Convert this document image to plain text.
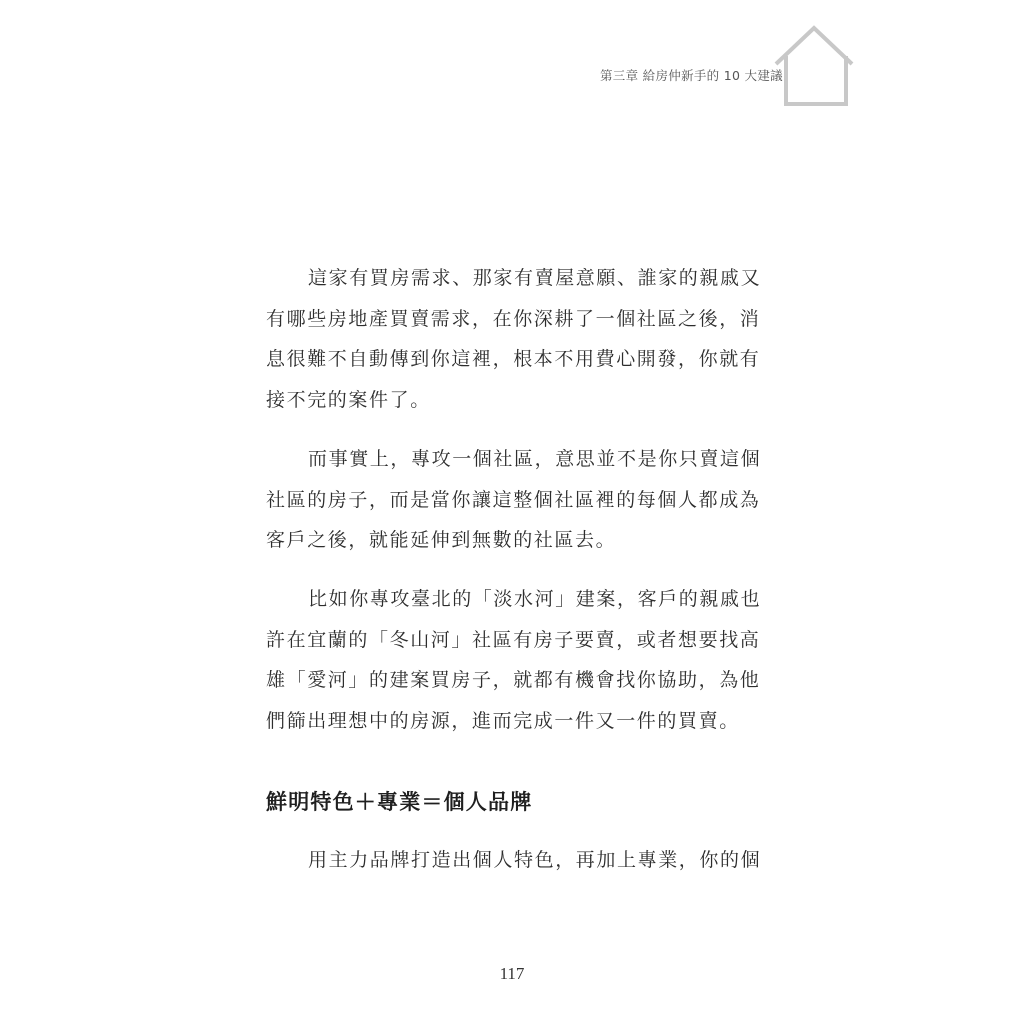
第三章 給房仲新手的 10 大建議

這家有買房需求、那家有賣屋意願、誰家的親戚又
有哪些房地產買賣需求，在你深耕了一個社區之後，消
息很難不自動傳到你這裡，根本不用費心開發，你就有
接不完的案件了。

而事實上，專攻一個社區，意思並不是你只賣這個
社區的房子，而是當你讓這整個社區裡的每個人都成為
客戶之後，就能延伸到無數的社區去。

比如你專攻臺北的「淡水河」建案，客戶的親戚也
許在宜蘭的「冬山河」社區有房子要賣，或者想要找高
雄「愛河」的建案買房子，就都有機會找你協助，為他
們篩出理想中的房源，進而完成一件又一件的買賣。

鮮明特色＋專業＝個人品牌

用主力品牌打造出個人特色，再加上專業，你的個

117
